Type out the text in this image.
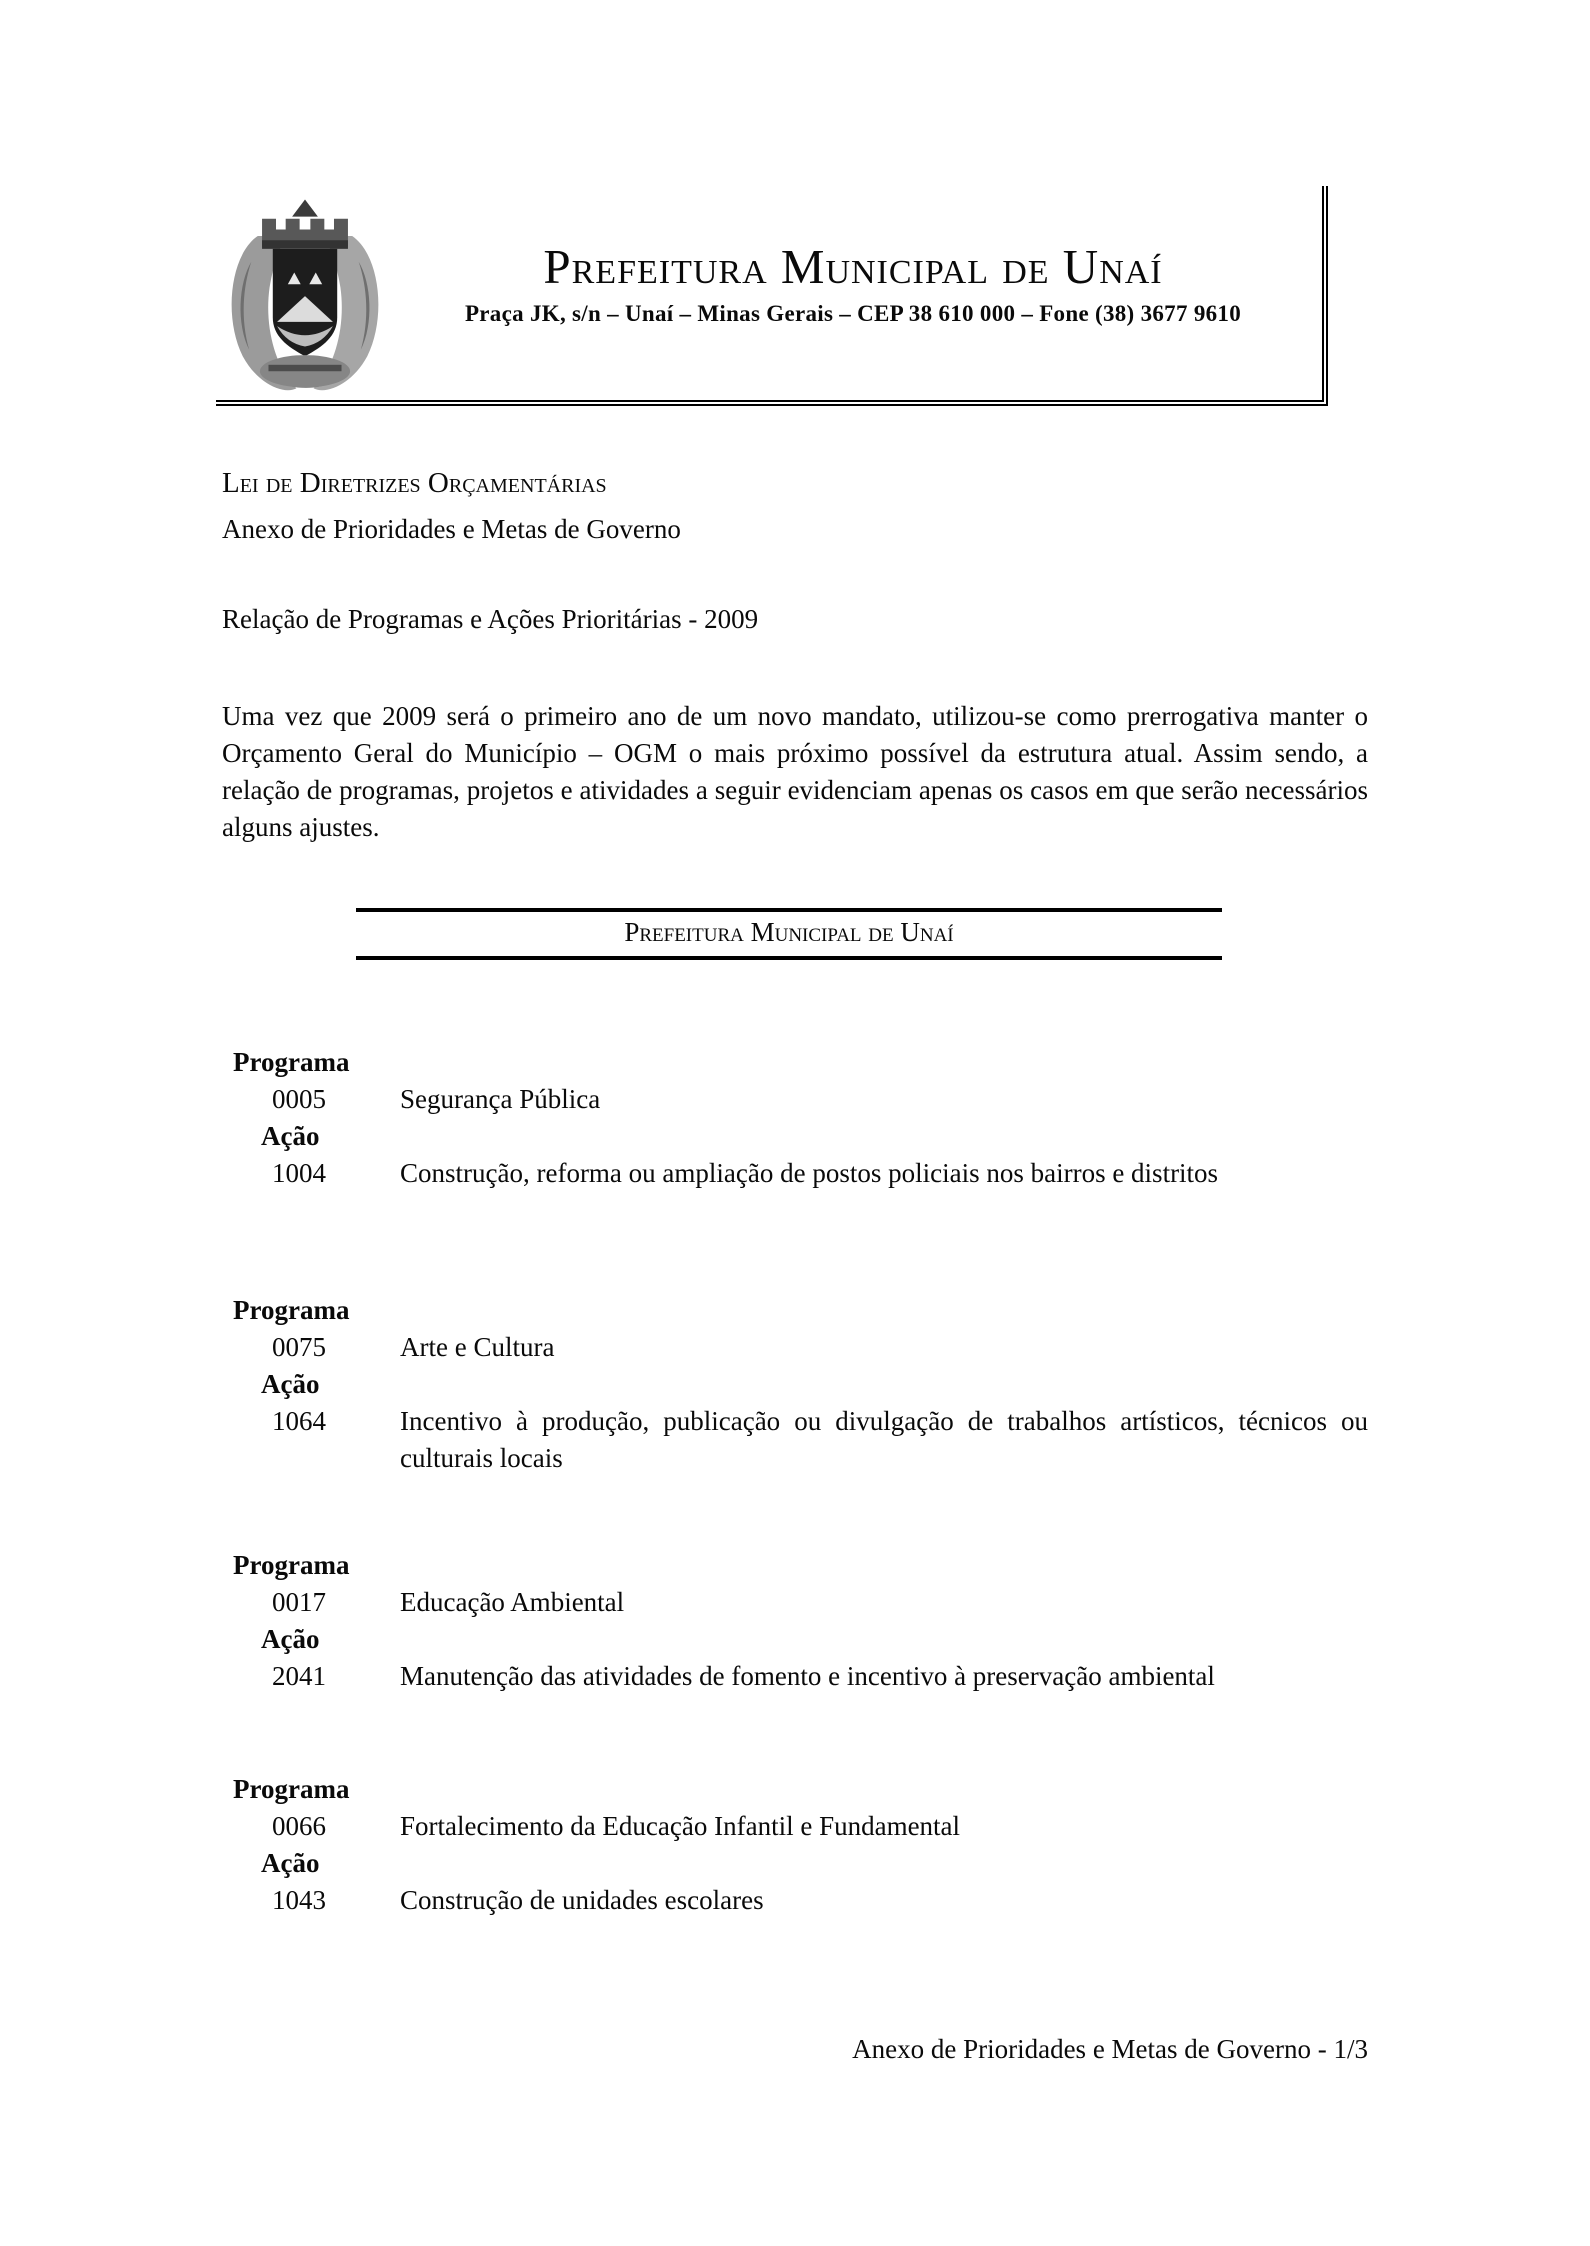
Prefeitura Municipal de Unaí
Praça JK, s/n – Unaí – Minas Gerais – CEP 38 610 000 – Fone (38) 3677 9610
Lei de Diretrizes Orçamentárias
Anexo de Prioridades e Metas de Governo
Relação de Programas e Ações Prioritárias - 2009
Uma vez que 2009 será o primeiro ano de um novo mandato, utilizou-se como prerrogativa manter o Orçamento Geral do Município – OGM o mais próximo possível da estrutura atual. Assim sendo, a relação de programas, projetos e atividades a seguir evidenciam apenas os casos em que serão necessários alguns ajustes.
Prefeitura Municipal de Unaí
Programa
0005	Segurança Pública
Ação
1004	Construção, reforma ou ampliação de postos policiais nos bairros e distritos
Programa
0075	Arte e Cultura
Ação
1064	Incentivo à produção, publicação ou divulgação de trabalhos artísticos, técnicos ou culturais locais
Programa
0017	Educação Ambiental
Ação
2041	Manutenção das atividades de fomento e incentivo à preservação ambiental
Programa
0066	Fortalecimento da Educação Infantil e Fundamental
Ação
1043	Construção de unidades escolares
Anexo de Prioridades e Metas de Governo - 1/3
